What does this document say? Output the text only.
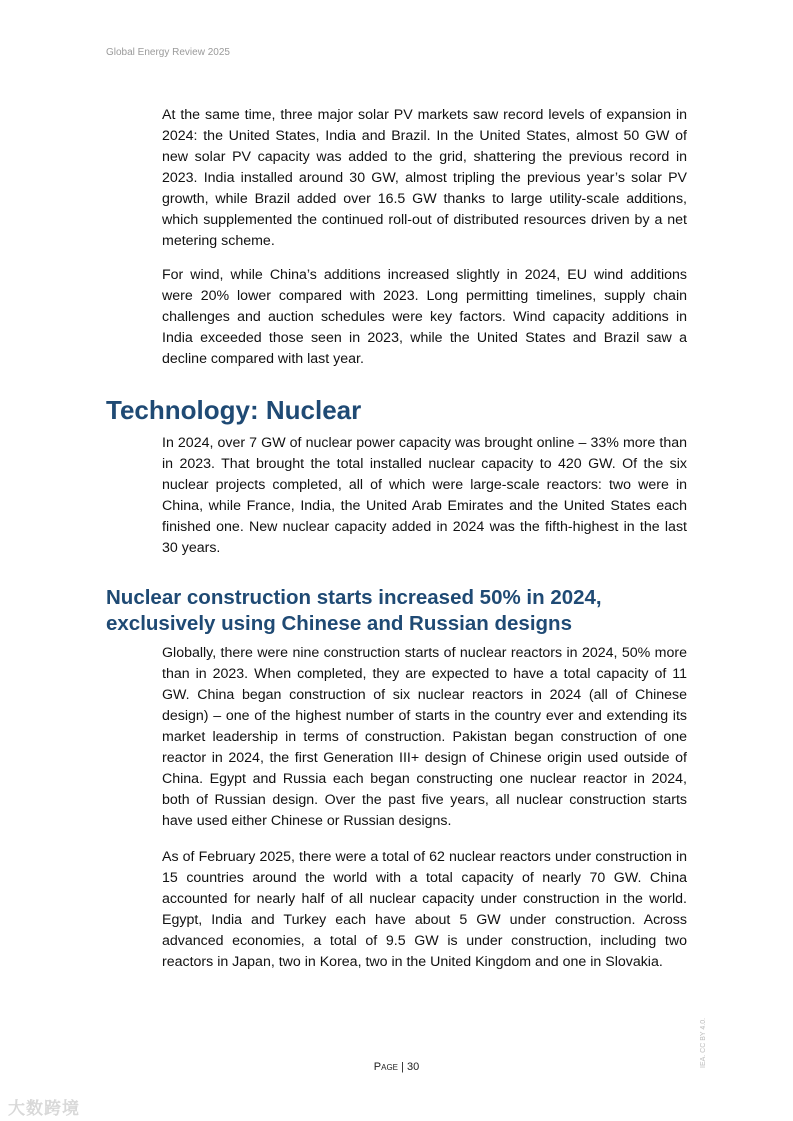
Global Energy Review 2025

At the same time, three major solar PV markets saw record levels of expansion in 2024: the United States, India and Brazil. In the United States, almost 50 GW of new solar PV capacity was added to the grid, shattering the previous record in 2023. India installed around 30 GW, almost tripling the previous year’s solar PV growth, while Brazil added over 16.5 GW thanks to large utility-scale additions, which supplemented the continued roll-out of distributed resources driven by a net metering scheme.

For wind, while China’s additions increased slightly in 2024, EU wind additions were 20% lower compared with 2023. Long permitting timelines, supply chain challenges and auction schedules were key factors. Wind capacity additions in India exceeded those seen in 2023, while the United States and Brazil saw a decline compared with last year.

Technology: Nuclear

In 2024, over 7 GW of nuclear power capacity was brought online – 33% more than in 2023. That brought the total installed nuclear capacity to 420 GW. Of the six nuclear projects completed, all of which were large-scale reactors: two were in China, while France, India, the United Arab Emirates and the United States each finished one. New nuclear capacity added in 2024 was the fifth-highest in the last 30 years.

Nuclear construction starts increased 50% in 2024, exclusively using Chinese and Russian designs

Globally, there were nine construction starts of nuclear reactors in 2024, 50% more than in 2023. When completed, they are expected to have a total capacity of 11 GW. China began construction of six nuclear reactors in 2024 (all of Chinese design) – one of the highest number of starts in the country ever and extending its market leadership in terms of construction. Pakistan began construction of one reactor in 2024, the first Generation III+ design of Chinese origin used outside of China. Egypt and Russia each began constructing one nuclear reactor in 2024, both of Russian design. Over the past five years, all nuclear construction starts have used either Chinese or Russian designs.

As of February 2025, there were a total of 62 nuclear reactors under construction in 15 countries around the world with a total capacity of nearly 70 GW. China accounted for nearly half of all nuclear capacity under construction in the world. Egypt, India and Turkey each have about 5 GW under construction. Across advanced economies, a total of 9.5 GW is under construction, including two reactors in Japan, two in Korea, two in the United Kingdom and one in Slovakia.

Page | 30	IEA. CC BY 4.0.
大数跨境
